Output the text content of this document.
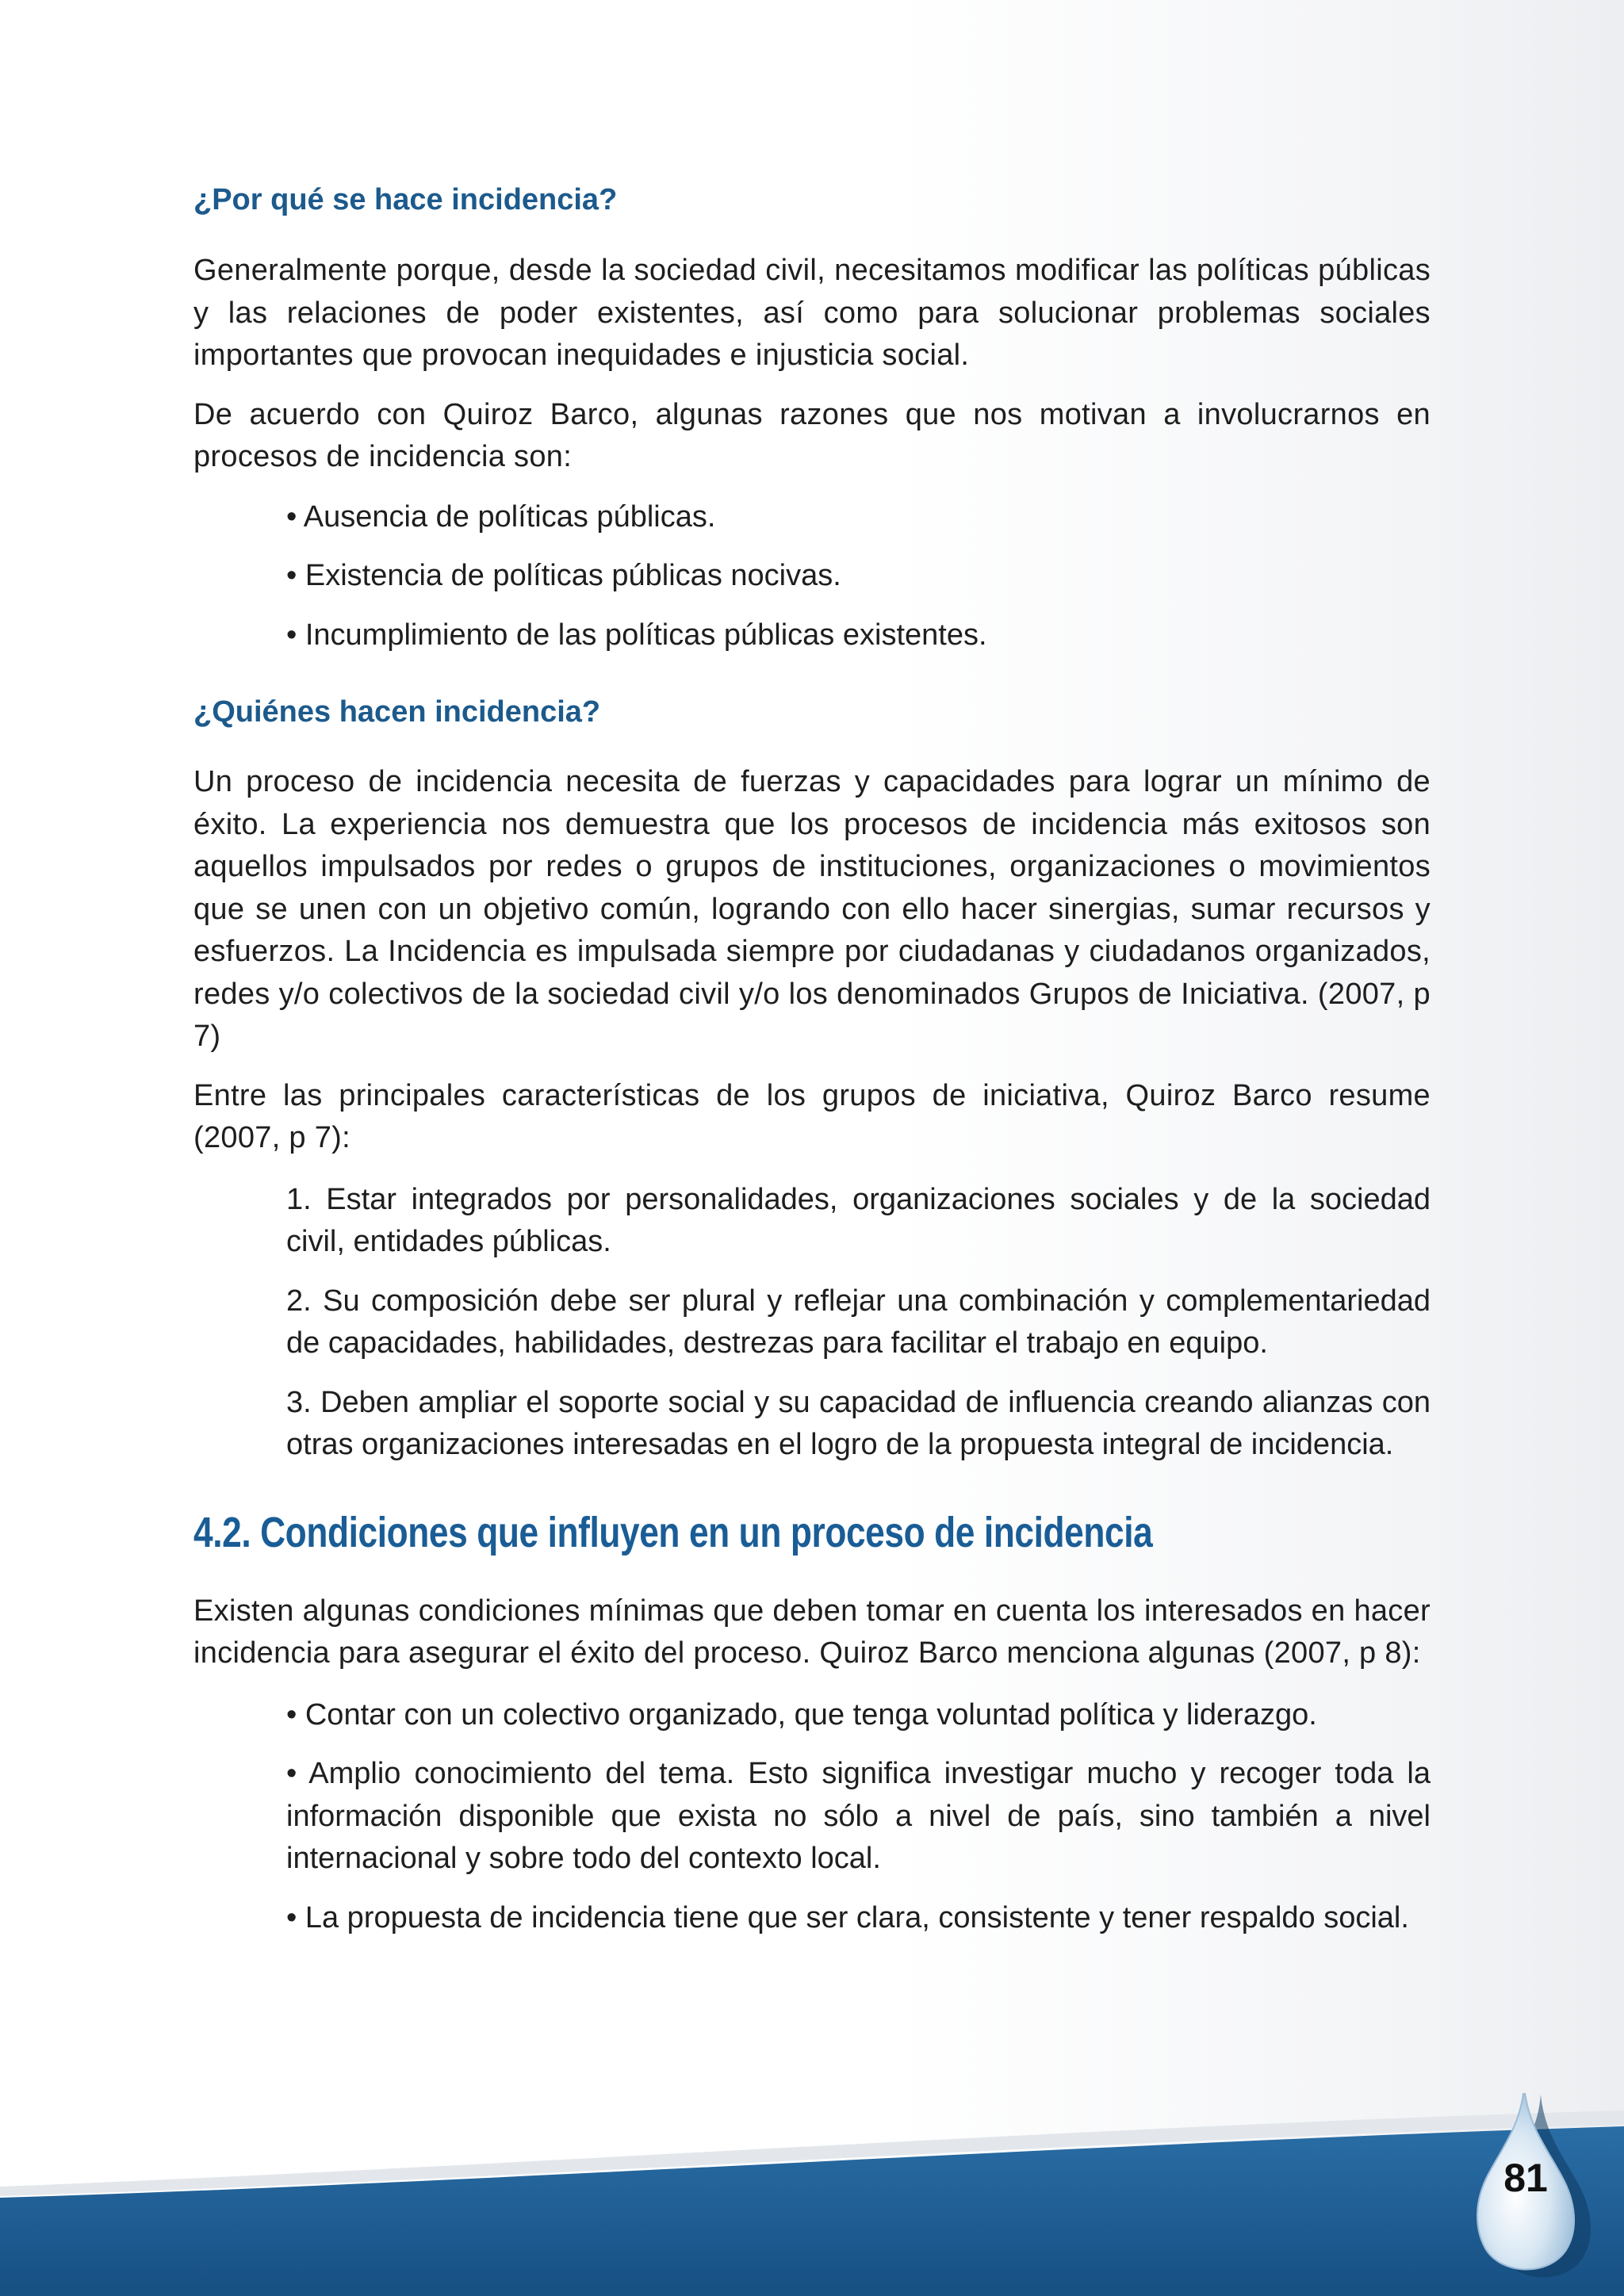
¿Por qué se hace incidencia?

Generalmente porque, desde la sociedad civil, necesitamos modificar las políticas públicas y las relaciones de poder existentes, así como para solucionar problemas sociales importantes que provocan inequidades e injusticia social.

De acuerdo con Quiroz Barco, algunas razones que nos motivan a involucrarnos en procesos de incidencia son:

• Ausencia de políticas públicas.

• Existencia de políticas públicas nocivas.

• Incumplimiento de las políticas públicas existentes.

¿Quiénes hacen incidencia?

Un proceso de incidencia necesita de fuerzas y capacidades para lograr un mínimo de éxito. La experiencia nos demuestra que los procesos de incidencia más exitosos son aquellos impulsados por redes o grupos de instituciones, organizaciones o movimientos que se unen con un objetivo común, logrando con ello hacer sinergias, sumar recursos y esfuerzos. La Incidencia es impulsada siempre por ciudadanas y ciudadanos organizados, redes y/o colectivos de la sociedad civil y/o los denominados Grupos de Iniciativa. (2007, p 7)

Entre las principales características de los grupos de iniciativa, Quiroz Barco resume (2007, p 7):

1. Estar integrados por personalidades, organizaciones sociales y de la sociedad civil, entidades públicas.

2. Su composición debe ser plural y reflejar una combinación y complementariedad de capacidades, habilidades, destrezas para facilitar el trabajo en equipo.

3. Deben ampliar el soporte social y su capacidad de influencia creando alianzas con otras organizaciones interesadas en el logro de la propuesta integral de incidencia.

4.2. Condiciones que influyen en un proceso de incidencia

Existen algunas condiciones mínimas que deben tomar en cuenta los interesados en hacer incidencia para asegurar el éxito del proceso. Quiroz Barco menciona algunas (2007, p 8):

• Contar con un colectivo organizado, que tenga voluntad política y liderazgo.

• Amplio conocimiento del tema. Esto significa investigar mucho y recoger toda la información disponible que exista no sólo a nivel de país, sino también a nivel internacional y sobre todo del contexto local.

• La propuesta de incidencia tiene que ser clara, consistente y tener respaldo social.

81
